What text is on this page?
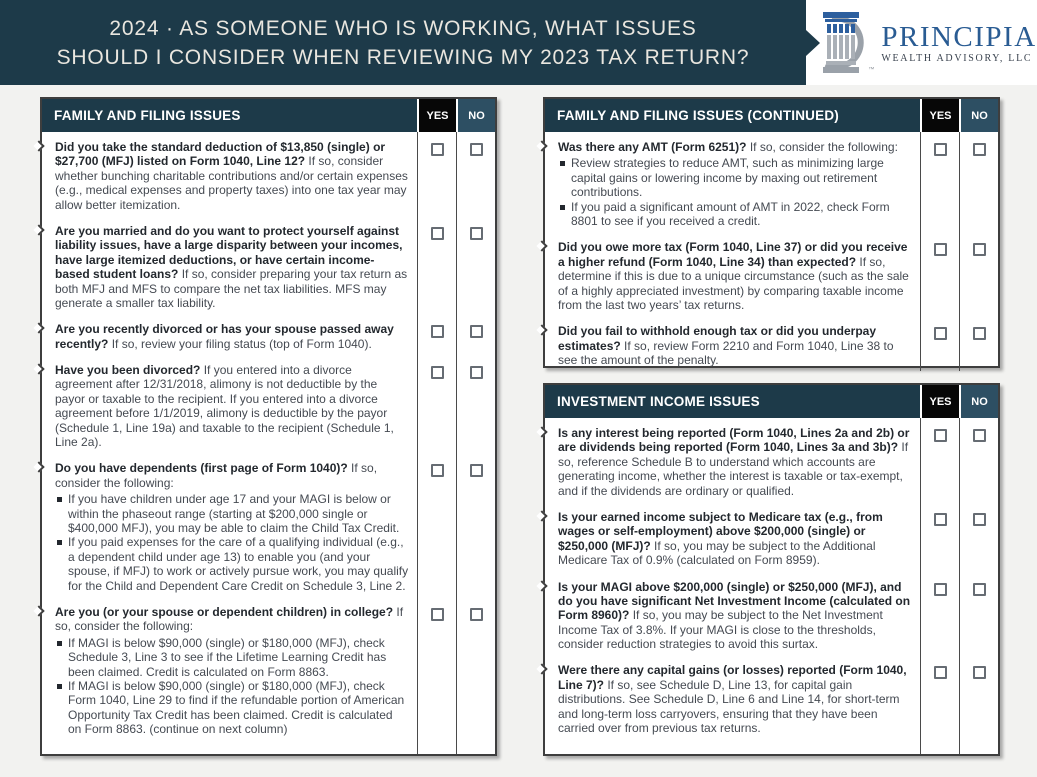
2024 · AS SOMEONE WHO IS WORKING, WHAT ISSUES
SHOULD I CONSIDER WHEN REVIEWING MY 2023 TAX RETURN?
™
PRINCIPIA
WEALTH ADVISORY, LLC
FAMILY AND FILING ISSUES	YES	NO
Did you take the standard deduction of $13,850 (single) or $27,700 (MFJ) listed on Form 1040, Line 12? If so, consider whether bunching charitable contributions and/or certain expenses (e.g., medical expenses and property taxes) into one tax year may allow better itemization.
Are you married and do you want to protect yourself against liability issues, have a large disparity between your incomes, have large itemized deductions, or have certain income-based student loans? If so, consider preparing your tax return as both MFJ and MFS to compare the net tax liabilities. MFS may generate a smaller tax liability.
Are you recently divorced or has your spouse passed away recently? If so, review your filing status (top of Form 1040).
Have you been divorced? If you entered into a divorce agreement after 12/31/2018, alimony is not deductible by the payor or taxable to the recipient. If you entered into a divorce agreement before 1/1/2019, alimony is deductible by the payor (Schedule 1, Line 19a) and taxable to the recipient (Schedule 1, Line 2a).
Do you have dependents (first page of Form 1040)? If so, consider the following:
If you have children under age 17 and your MAGI is below or within the phaseout range (starting at $200,000 single or $400,000 MFJ), you may be able to claim the Child Tax Credit.
If you paid expenses for the care of a qualifying individual (e.g., a dependent child under age 13) to enable you (and your spouse, if MFJ) to work or actively pursue work, you may qualify for the Child and Dependent Care Credit on Schedule 3, Line 2.
Are you (or your spouse or dependent children) in college? If so, consider the following:
If MAGI is below $90,000 (single) or $180,000 (MFJ), check Schedule 3, Line 3 to see if the Lifetime Learning Credit has been claimed. Credit is calculated on Form 8863.
If MAGI is below $90,000 (single) or $180,000 (MFJ), check Form 1040, Line 29 to find if the refundable portion of American Opportunity Tax Credit has been claimed. Credit is calculated on Form 8863. (continue on next column)
FAMILY AND FILING ISSUES (CONTINUED)	YES	NO
Was there any AMT (Form 6251)? If so, consider the following:
Review strategies to reduce AMT, such as minimizing large capital gains or lowering income by maxing out retirement contributions.
If you paid a significant amount of AMT in 2022, check Form 8801 to see if you received a credit.
Did you owe more tax (Form 1040, Line 37) or did you receive a higher refund (Form 1040, Line 34) than expected? If so, determine if this is due to a unique circumstance (such as the sale of a highly appreciated investment) by comparing taxable income from the last two years’ tax returns.
Did you fail to withhold enough tax or did you underpay estimates? If so, review Form 2210 and Form 1040, Line 38 to see the amount of the penalty.
INVESTMENT INCOME ISSUES	YES	NO
Is any interest being reported (Form 1040, Lines 2a and 2b) or are dividends being reported (Form 1040, Lines 3a and 3b)? If so, reference Schedule B to understand which accounts are generating income, whether the interest is taxable or tax-exempt, and if the dividends are ordinary or qualified.
Is your earned income subject to Medicare tax (e.g., from wages or self-employment) above $200,000 (single) or $250,000 (MFJ)? If so, you may be subject to the Additional Medicare Tax of 0.9% (calculated on Form 8959).
Is your MAGI above $200,000 (single) or $250,000 (MFJ), and do you have significant Net Investment Income (calculated on Form 8960)? If so, you may be subject to the Net Investment Income Tax of 3.8%. If your MAGI is close to the thresholds, consider reduction strategies to avoid this surtax.
Were there any capital gains (or losses) reported (Form 1040, Line 7)? If so, see Schedule D, Line 13, for capital gain distributions. See Schedule D, Line 6 and Line 14, for short-term and long-term loss carryovers, ensuring that they have been carried over from previous tax returns.
